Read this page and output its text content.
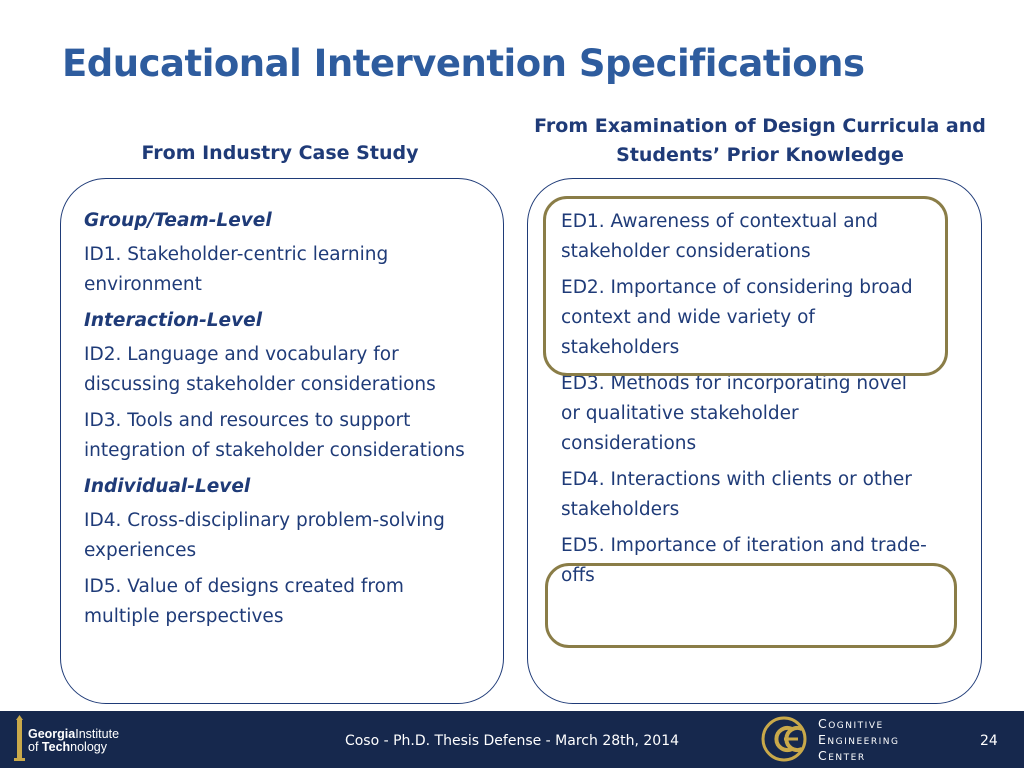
Educational Intervention Specifications
From Industry Case Study
From Examination of Design Curricula and Students’ Prior Knowledge

Group/Team-Level

ID1. Stakeholder-centric learning environment

Interaction-Level

ID2. Language and vocabulary for discussing stakeholder considerations

ID3. Tools and resources to support integration of stakeholder considerations

Individual-Level

ID4. Cross-disciplinary problem-solving experiences

ID5. Value of designs created from multiple perspectives

ED1. Awareness of contextual and stakeholder considerations

ED2. Importance of considering broad context and wide variety of stakeholders

ED3. Methods for incorporating novel or qualitative stakeholder considerations

ED4. Interactions with clients or other stakeholders

ED5. Importance of iteration and trade-offs

GeorgiaInstitute
of Technology	Coso - Ph.D. Thesis Defense - March 28th, 2014
Cognitive
Engineering
Center
24
